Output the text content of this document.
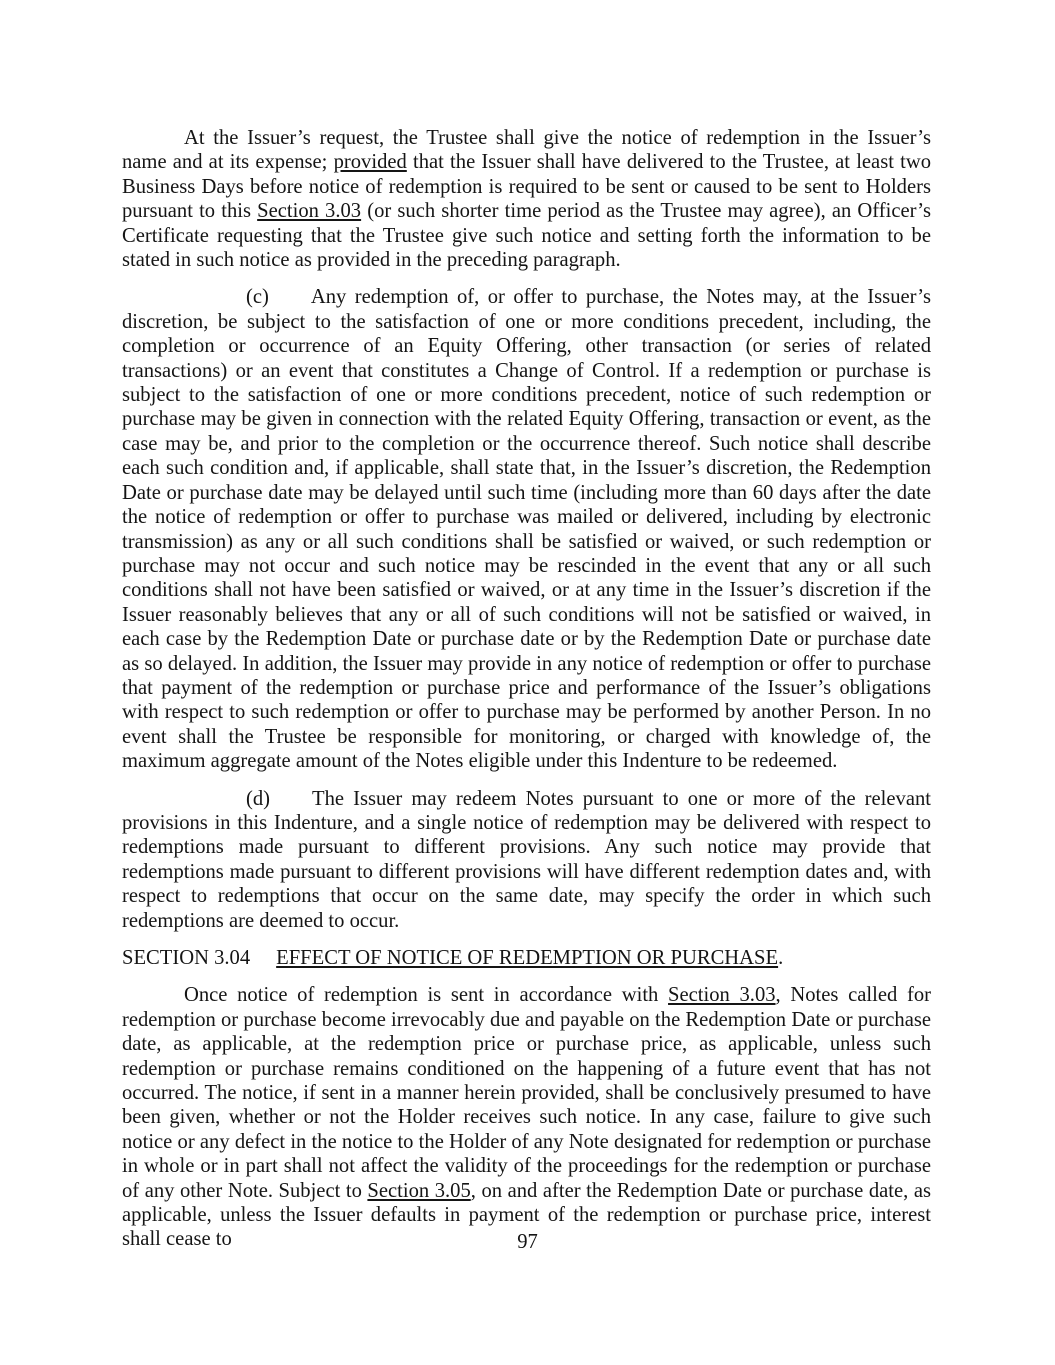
At the Issuer’s request, the Trustee shall give the notice of redemption in the Issuer’s name and at its expense; provided that the Issuer shall have delivered to the Trustee, at least two Business Days before notice of redemption is required to be sent or caused to be sent to Holders pursuant to this Section 3.03 (or such shorter time period as the Trustee may agree), an Officer’s Certificate requesting that the Trustee give such notice and setting forth the information to be stated in such notice as provided in the preceding paragraph.

(c) Any redemption of, or offer to purchase, the Notes may, at the Issuer’s discretion, be subject to the satisfaction of one or more conditions precedent, including, the completion or occurrence of an Equity Offering, other transaction (or series of related transactions) or an event that constitutes a Change of Control. If a redemption or purchase is subject to the satisfaction of one or more conditions precedent, notice of such redemption or purchase may be given in connection with the related Equity Offering, transaction or event, as the case may be, and prior to the completion or the occurrence thereof. Such notice shall describe each such condition and, if applicable, shall state that, in the Issuer’s discretion, the Redemption Date or purchase date may be delayed until such time (including more than 60 days after the date the notice of redemption or offer to purchase was mailed or delivered, including by electronic transmission) as any or all such conditions shall be satisfied or waived, or such redemption or purchase may not occur and such notice may be rescinded in the event that any or all such conditions shall not have been satisfied or waived, or at any time in the Issuer’s discretion if the Issuer reasonably believes that any or all of such conditions will not be satisfied or waived, in each case by the Redemption Date or purchase date or by the Redemption Date or purchase date as so delayed. In addition, the Issuer may provide in any notice of redemption or offer to purchase that payment of the redemption or purchase price and performance of the Issuer’s obligations with respect to such redemption or offer to purchase may be performed by another Person. In no event shall the Trustee be responsible for monitoring, or charged with knowledge of, the maximum aggregate amount of the Notes eligible under this Indenture to be redeemed.

(d) The Issuer may redeem Notes pursuant to one or more of the relevant provisions in this Indenture, and a single notice of redemption may be delivered with respect to redemptions made pursuant to different provisions. Any such notice may provide that redemptions made pursuant to different provisions will have different redemption dates and, with respect to redemptions that occur on the same date, may specify the order in which such redemptions are deemed to occur.

SECTION 3.04 EFFECT OF NOTICE OF REDEMPTION OR PURCHASE.

Once notice of redemption is sent in accordance with Section 3.03, Notes called for redemption or purchase become irrevocably due and payable on the Redemption Date or purchase date, as applicable, at the redemption price or purchase price, as applicable, unless such redemption or purchase remains conditioned on the happening of a future event that has not occurred. The notice, if sent in a manner herein provided, shall be conclusively presumed to have been given, whether or not the Holder receives such notice. In any case, failure to give such notice or any defect in the notice to the Holder of any Note designated for redemption or purchase in whole or in part shall not affect the validity of the proceedings for the redemption or purchase of any other Note. Subject to Section 3.05, on and after the Redemption Date or purchase date, as applicable, unless the Issuer defaults in payment of the redemption or purchase price, interest shall cease to	97
